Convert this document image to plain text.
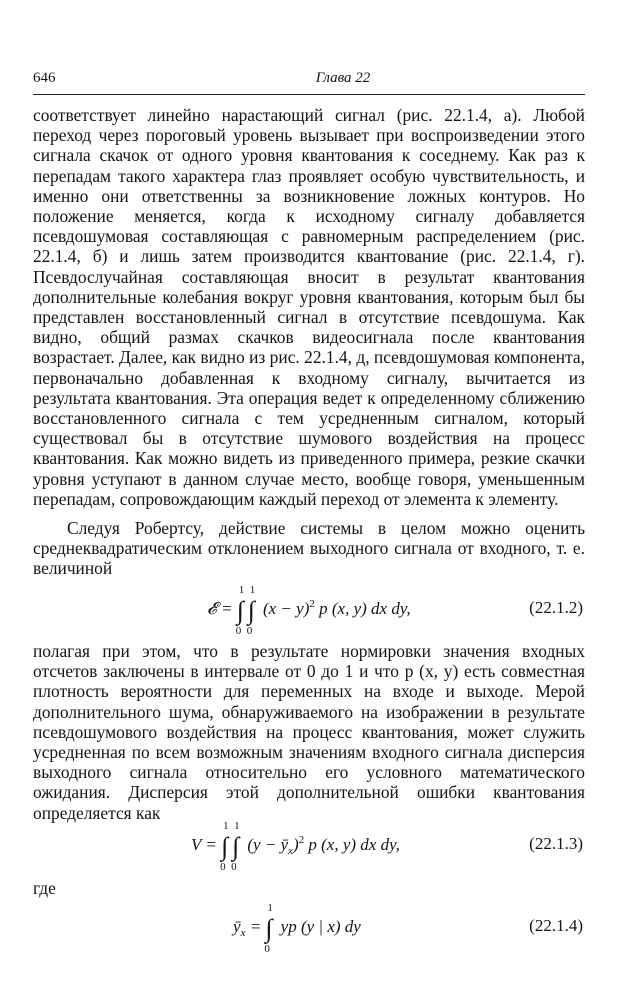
646	Глава 22

соответствует линейно нарастающий сигнал (рис. 22.1.4, а). Любой переход через пороговый уровень вызывает при воспроизведении этого сигнала скачок от одного уровня квантования к соседнему. Как раз к перепадам такого характера глаз проявляет особую чувствительность, и именно они ответственны за возникновение ложных контуров. Но положение меняется, когда к исходному сигналу добавляется псевдошумовая составляющая с равномерным распределением (рис. 22.1.4, б) и лишь затем производится квантование (рис. 22.1.4, г). Псевдослучайная составляющая вносит в результат квантования дополнительные колебания вокруг уровня квантования, которым был бы представлен восстановленный сигнал в отсутствие псевдошума. Как видно, общий размах скачков видеосигнала после квантования возрастает. Далее, как видно из рис. 22.1.4, д, псевдошумовая компонента, первоначально добавленная к входному сигналу, вычитается из результата квантования. Эта операция ведет к определенному сближению восстановленного сигнала с тем усредненным сигналом, который существовал бы в отсутствие шумового воздействия на процесс квантования. Как можно видеть из приведенного примера, резкие скачки уровня уступают в данном случае место, вообще говоря, уменьшенным перепадам, сопровождающим каждый переход от элемента к элементу.

Следуя Робертсу, действие системы в целом можно оценить среднеквадратическим отклонением выходного сигнала от входного, т. е. величиной

𝓔 = ∫
1
0
∫
1
0
$(x - y)^2$ p (x, y) dx dy,	(22.1.2)

полагая при этом, что в результате нормировки значения входных отсчетов заключены в интервале от 0 до 1 и что p (x, y) есть совместная плотность вероятности для переменных на входе и выходе. Мерой дополнительного шума, обнаруживаемого на изображении в результате псевдошумового воздействия на процесс квантования, может служить усредненная по всем возможным значениям входного сигнала дисперсия выходного сигнала относительно его условного математического ожидания. Дисперсия этой дополнительной ошибки квантования определяется как

V = ∫
1
0
∫
1
0
$(y - ȳ_x)^2$ p (x, y) dx dy,	(22.1.3)
где
$ȳ_x$ = ∫
1
0
yp (y | x) dy	(22.1.4)
